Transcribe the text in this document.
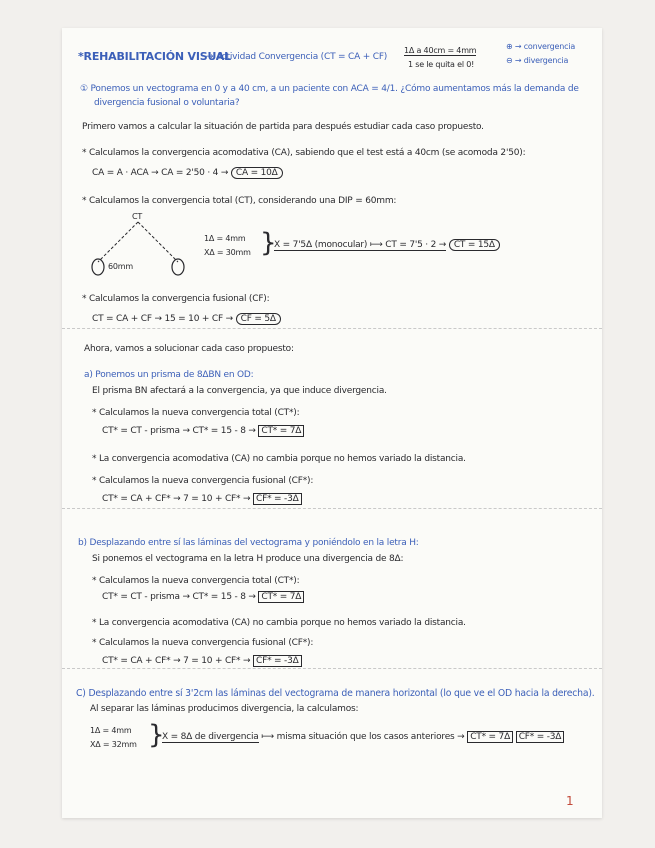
*REHABILITACIÓN VISUAL
→ Actividad Convergencia (CT = CA + CF)
1Δ a 40cm = 4mm
1 se le quita el 0!
⊕ → convergencia
⊖ → divergencia
① Ponemos un vectograma en 0 y a 40 cm, a un paciente con ACA = 4/1. ¿Cómo aumentamos más la demanda de
divergencia fusional o voluntaria?
Primero vamos a calcular la situación de partida para después estudiar cada caso propuesto.
* Calculamos la convergencia acomodativa (CA), sabiendo que el test está a 40cm (se acomoda 2'50):
CA = A · ACA → CA = 2'50 · 4 → CA = 10Δ
* Calculamos la convergencia total (CT), considerando una DIP = 60mm:
CT
60mm
1Δ = 4mm
XΔ = 30mm }
X = 7'5Δ (monocular) ⟼ CT = 7'5 · 2 → CT = 15Δ
* Calculamos la convergencia fusional (CF):
CT = CA + CF → 15 = 10 + CF → CF = 5Δ
Ahora, vamos a solucionar cada caso propuesto:
a) Ponemos un prisma de 8ΔBN en OD:
El prisma BN afectará a la convergencia, ya que induce divergencia.
* Calculamos la nueva convergencia total (CT*):
CT* = CT - prisma → CT* = 15 - 8 → CT* = 7Δ
* La convergencia acomodativa (CA) no cambia porque no hemos variado la distancia.
* Calculamos la nueva convergencia fusional (CF*):
CT* = CA + CF* → 7 = 10 + CF* → CF* = -3Δ
b) Desplazando entre sí las láminas del vectograma y poniéndolo en la letra H:
Si ponemos el vectograma en la letra H produce una divergencia de 8Δ:
* Calculamos la nueva convergencia total (CT*):
CT* = CT - prisma → CT* = 15 - 8 → CT* = 7Δ
* La convergencia acomodativa (CA) no cambia porque no hemos variado la distancia.
* Calculamos la nueva convergencia fusional (CF*):
CT* = CA + CF* → 7 = 10 + CF* → CF* = -3Δ
C) Desplazando entre sí 3'2cm las láminas del vectograma de manera horizontal (lo que ve el OD hacia la derecha).
Al separar las láminas producimos divergencia, la calculamos:
1Δ = 4mm
XΔ = 32mm }
X = 8Δ de divergencia ⟼ misma situación que los casos anteriores → CT* = 7Δ CF* = -3Δ
1
